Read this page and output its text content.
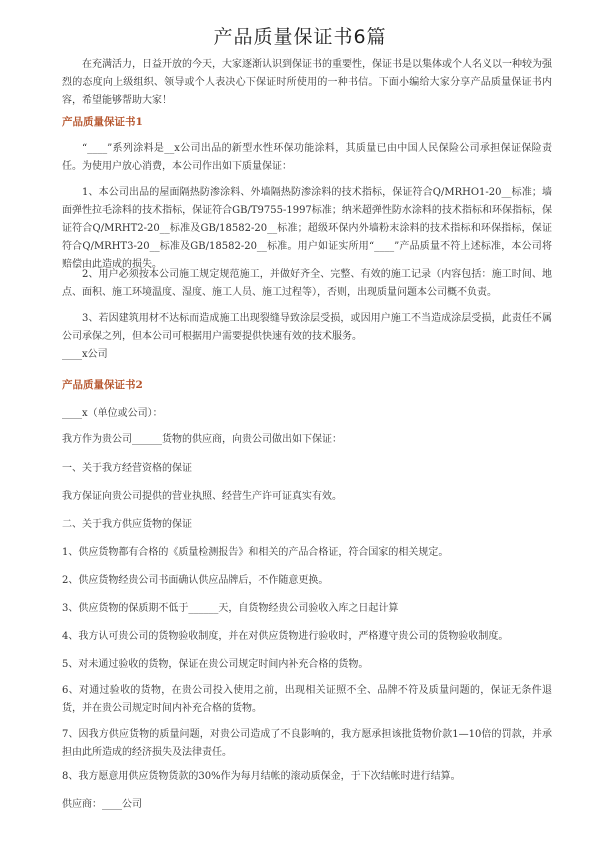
产品质量保证书6篇
在充满活力，日益开放的今天，大家逐渐认识到保证书的重要性，保证书是以集体或个人名义以一种较为强烈的态度向上级组织、领导或个人表决心下保证时所使用的一种书信。下面小编给大家分享产品质量保证书内容，希望能够帮助大家！
产品质量保证书1
“____”系列涂料是__x公司出品的新型水性环保功能涂料，其质量已由中国人民保险公司承担保证保险责任。为使用户放心消费，本公司作出如下质量保证：
1、本公司出品的屋面隔热防渗涂料、外墙隔热防渗涂料的技术指标，保证符合Q/MRHO1-20__标准；墙面弹性拉毛涂料的技术指标，保证符合GB/T9755-1997标准；纳米超弹性防水涂料的技术指标和环保指标，保证符合Q/MRHT2-20__标准及GB/18582-20__标准；超级环保内外墙粉末涂料的技术指标和环保指标，保证符合Q/MRHT3-20__标准及GB/18582-20__标准。用户如证实所用“____”产品质量不符上述标准，本公司将赔偿由此造成的损失。
2、用户必须按本公司施工规定规范施工，并做好齐全、完整、有效的施工记录（内容包括：施工时间、地点、面积、施工环境温度、湿度、施工人员、施工过程等），否则，出现质量问题本公司概不负责。
3、若因建筑用材不达标而造成施工出现裂缝导致涂层受损，或因用户施工不当造成涂层受损，此责任不属公司承保之列，但本公司可根据用户需要提供快速有效的技术服务。
____x公司
产品质量保证书2
____x（单位或公司）：
我方作为贵公司______货物的供应商，向贵公司做出如下保证：
一、关于我方经营资格的保证
我方保证向贵公司提供的营业执照、经营生产许可证真实有效。
二、关于我方供应货物的保证
1、供应货物都有合格的《质量检测报告》和相关的产品合格证，符合国家的相关规定。
2、供应货物经贵公司书面确认供应品牌后，不作随意更换。
3、供应货物的保质期不低于______天，自货物经贵公司验收入库之日起计算
4、我方认可贵公司的货物验收制度，并在对供应货物进行验收时，严格遵守贵公司的货物验收制度。
5、对未通过验收的货物，保证在贵公司规定时间内补充合格的货物。
6、对通过验收的货物，在贵公司投入使用之前，出现相关证照不全、品牌不符及质量问题的，保证无条件退货，并在贵公司规定时间内补充合格的货物。
7、因我方供应货物的质量问题，对贵公司造成了不良影响的，我方愿承担该批货物价款1—10倍的罚款，并承担由此所造成的经济损失及法律责任。
8、我方愿意用供应货物货款的30%作为每月结帐的滚动质保金，于下次结帐时进行结算。
供应商：____公司
